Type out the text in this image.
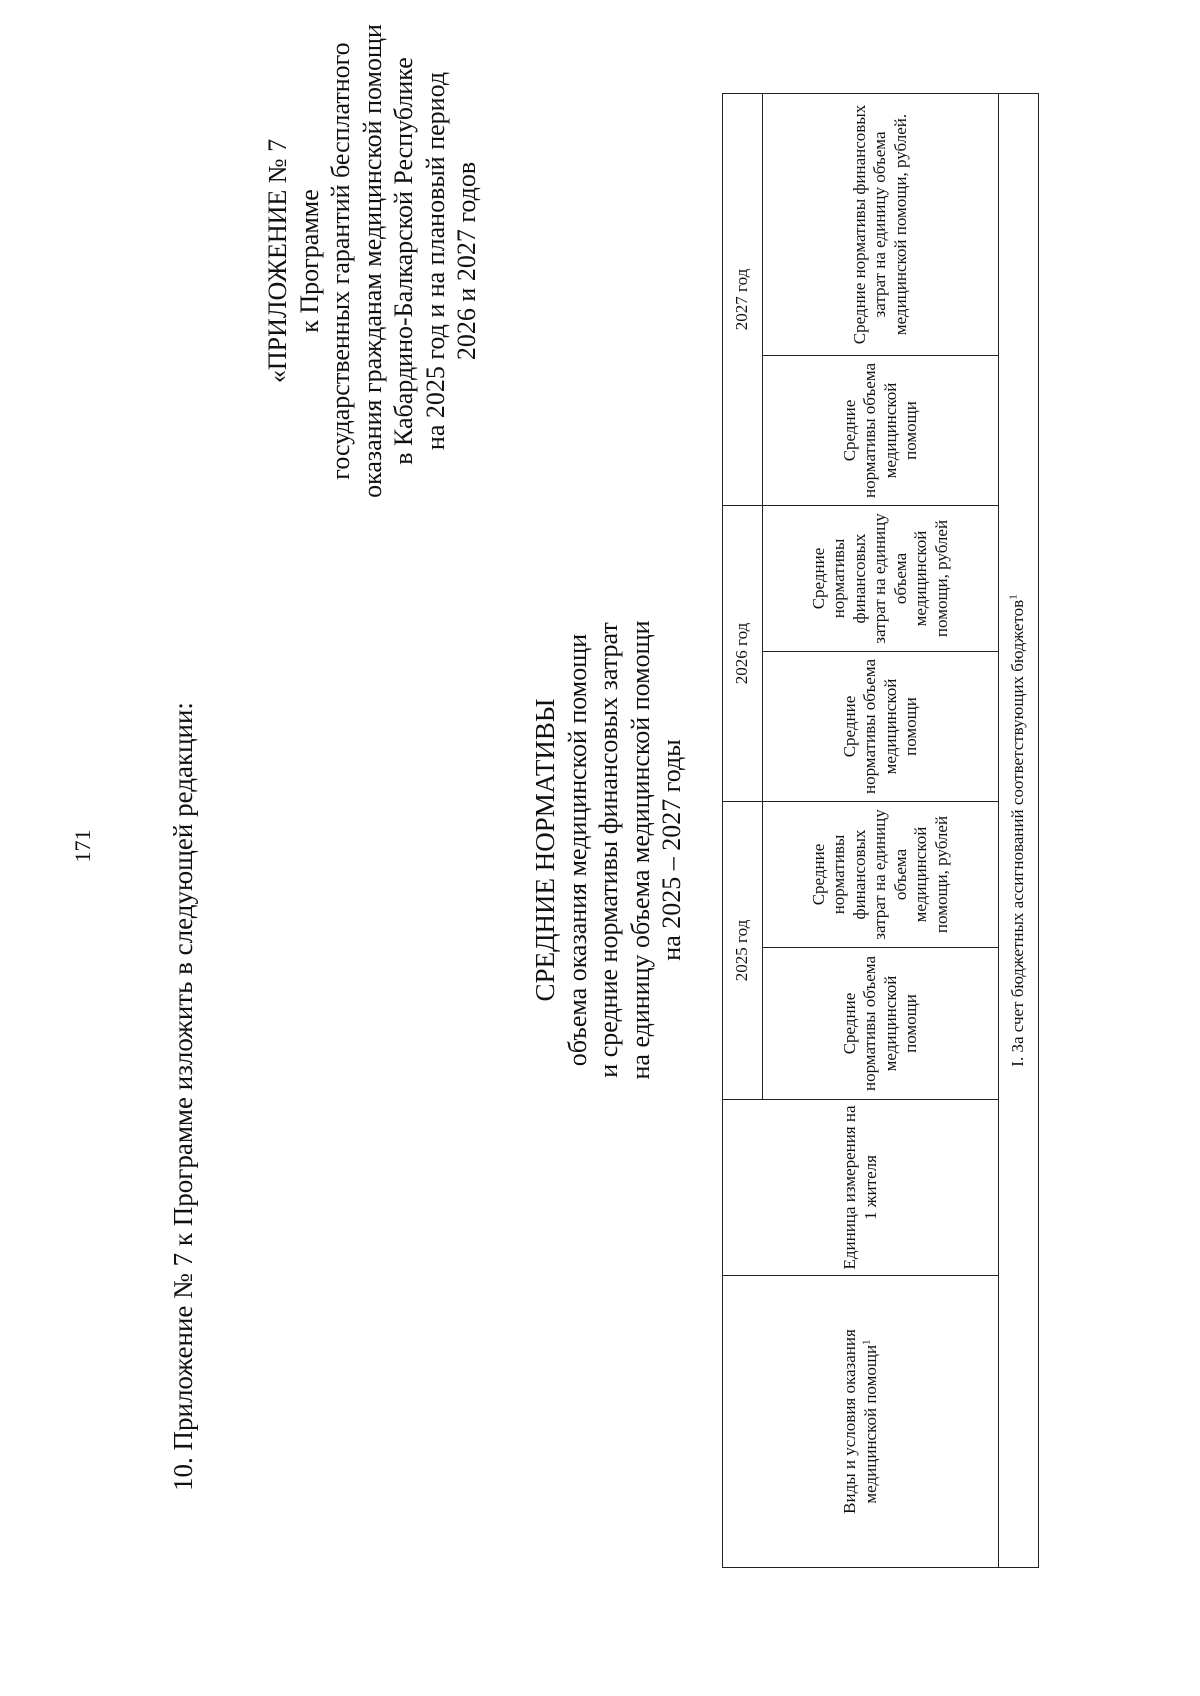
171	10. Приложение № 7 к Программе изложить в следующей редакции:
«ПРИЛОЖЕНИЕ № 7 к Программе государственных гарантий бесплатного оказания гражданам медицинской помощи в Кабардино-Балкарской Республике на 2025 год и на плановый период 2026 и 2027 годов
СРЕДНИЕ НОРМАТИВЫ объема оказания медицинской помощи и средние нормативы финансовых затрат на единицу объема медицинской помощи на 2025 – 2027 годы
Виды и условия оказания медицинской помощи$^1$	Единица измерения на 1 жителя	2025 год		2026 год		2027 год	
		Средние нормативы объема медицинской помощи	Средние нормативы финансовых затрат на единицу объема медицинской помощи, рублей	Средние нормативы объема медицинской помощи	Средние нормативы финансовых затрат на единицу объема медицинской помощи, рублей	Средние нормативы объема медицинской помощи	Средние нормативы финансовых затрат на единицу объема медицинской помощи, рублей.
I. За счет бюджетных ассигнований соответствующих бюджетов$^1$
